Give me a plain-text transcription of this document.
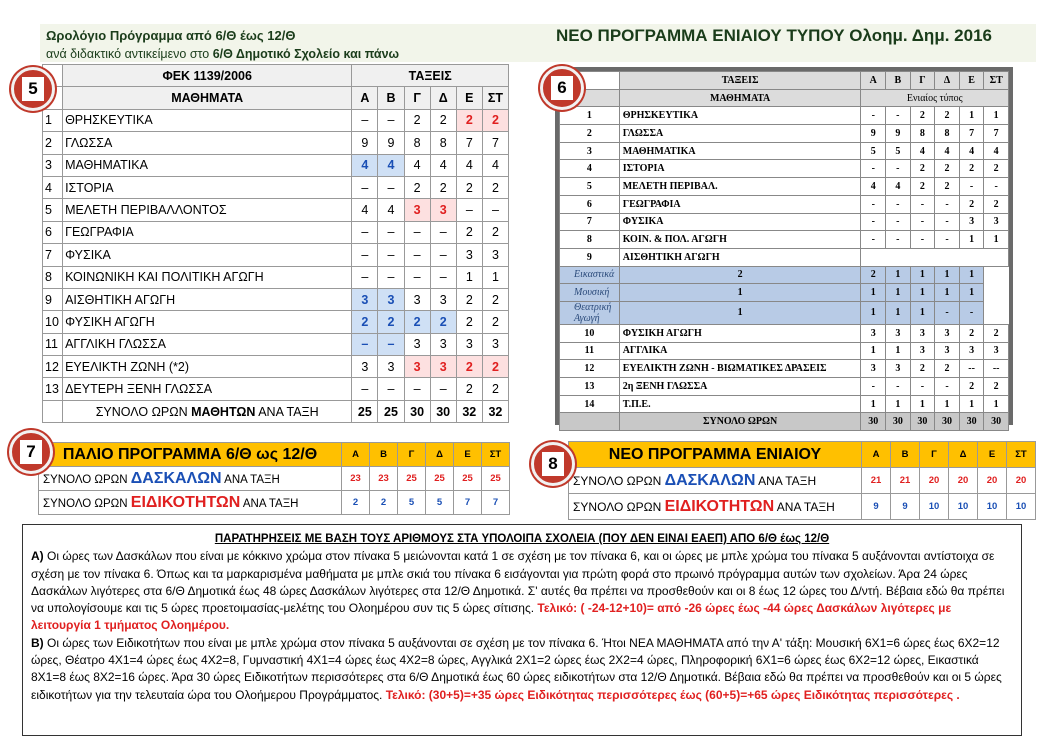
Ωρολόγιο Πρόγραμμα από 6/Θ έως 12/Θ
ανά διδακτικό αντικείμενο στο 6/Θ Δημοτικό Σχολείο και πάνω
ΝΕΟ ΠΡΟΓΡΑΜΜΑ ΕΝΙΑΙΟΥ ΤΥΠΟΥ Ολοημ. Δημ. 2016
	ΦΕΚ 1139/2006	ΤΑΞΕΙΣ					
	ΜΑΘΗΜΑΤΑ	Α	Β	Γ	Δ	Ε	ΣΤ
1	ΘΡΗΣΚΕΥΤΙΚΑ	–	–	2	2	2	2
2	ΓΛΩΣΣΑ	9	9	8	8	7	7
3	ΜΑΘΗΜΑΤΙΚΑ	4	4	4	4	4	4
4	ΙΣΤΟΡΙΑ	–	–	2	2	2	2
5	ΜΕΛΕΤΗ ΠΕΡΙΒΑΛΛΟΝΤΟΣ	4	4	3	3	–	–
6	ΓΕΩΓΡΑΦΙΑ	–	–	–	–	2	2
7	ΦΥΣΙΚΑ	–	–	–	–	3	3
8	ΚΟΙΝΩΝΙΚΗ ΚΑΙ ΠΟΛΙΤΙΚΗ ΑΓΩΓΗ	–	–	–	–	1	1
9	ΑΙΣΘΗΤΙΚΗ ΑΓΩΓΗ	3	3	3	3	2	2
10	ΦΥΣΙΚΗ ΑΓΩΓΗ	2	2	2	2	2	2
11	ΑΓΓΛΙΚΗ ΓΛΩΣΣΑ	–	–	3	3	3	3
12	ΕΥΕΛΙΚΤΗ ΖΩΝΗ (*2)	3	3	3	3	2	2
13	ΔΕΥΤΕΡΗ ΞΕΝΗ ΓΛΩΣΣΑ	–	–	–	–	2	2
	ΣΥΝΟΛΟ ΩΡΩΝ ΜΑΘΗΤΩΝ ΑΝΑ ΤΑΞΗ	25	25	30	30	32	32
5
		ΤΑΞΕΙΣ	Α	Β	Γ	Δ	Ε	ΣΤ
	ΜΑΘΗΜΑΤΑ	Ενιαίος τύπος					
1	ΘΡΗΣΚΕΥΤΙΚΑ	-	-	2	2	1	1
2	ΓΛΩΣΣΑ	9	9	8	8	7	7
3	ΜΑΘΗΜΑΤΙΚΑ	5	5	4	4	4	4
4	ΙΣΤΟΡΙΑ	-	-	2	2	2	2
5	ΜΕΛΕΤΗ ΠΕΡΙΒΑΛ.	4	4	2	2	-	-
6	ΓΕΩΓΡΑΦΙΑ	-	-	-	-	2	2
7	ΦΥΣΙΚΑ	-	-	-	-	3	3
8	ΚΟΙΝ. & ΠΟΛ. ΑΓΩΓΗ	-	-	-	-	1	1
9	ΑΙΣΘΗΤΙΚΗ ΑΓΩΓΗ						
Εικαστικά	2	2	1	1	1	1	
Μουσική	1	1	1	1	1	1	
Θεατρική Αγωγή	1	1	1	1	-	-	
10	ΦΥΣΙΚΗ ΑΓΩΓΗ	3	3	3	3	2	2
11	ΑΓΓΛΙΚΑ	1	1	3	3	3	3
12	ΕΥΕΛΙΚΤΗ ΖΩΝΗ - ΒΙΩΜΑΤΙΚΕΣ ΔΡΑΣΕΙΣ	3	3	2	2	--	--
13	2η ΞΕΝΗ ΓΛΩΣΣΑ	-	-	-	-	2	2
14	Τ.Π.Ε.	1	1	1	1	1	1
	ΣΥΝΟΛΟ ΩΡΩΝ	30	30	30	30	30	30
6
ΠΑΛΙΟ ΠΡΟΓΡΑΜΜΑ 6/Θ ως 12/Θ	Α	Β	Γ	Δ	Ε	ΣΤ
ΣΥΝΟΛΟ ΩΡΩΝ ΔΑΣΚΑΛΩΝ ΑΝΑ ΤΑΞΗ	23	23	25	25	25	25
ΣΥΝΟΛΟ ΩΡΩΝ ΕΙΔΙΚΟΤΗΤΩΝ ΑΝΑ ΤΑΞΗ	2	2	5	5	7	7
7	ΝΕΟ ΠΡΟΓΡΑΜΜΑ ΕΝΙΑΙΟΥ	Α	Β	Γ	Δ	Ε	ΣΤ
ΣΥΝΟΛΟ ΩΡΩΝ ΔΑΣΚΑΛΩΝ ΑΝΑ ΤΑΞΗ	21	21	20	20	20	20
ΣΥΝΟΛΟ ΩΡΩΝ ΕΙΔΙΚΟΤΗΤΩΝ ΑΝΑ ΤΑΞΗ	9	9	10	10	10	10
8
ΠΑΡΑΤΗΡΗΣΕΙΣ ΜΕ ΒΑΣΗ ΤΟΥΣ ΑΡΙΘΜΟΥΣ ΣΤΑ ΥΠΟΛΟΙΠΑ ΣΧΟΛΕΙΑ (ΠΟΥ ΔΕΝ ΕΙΝΑΙ ΕΑΕΠ) ΑΠΟ 6/Θ έως 12/Θ
Α) Οι ώρες των Δασκάλων που είναι με κόκκινο χρώμα στον πίνακα 5 μειώνονται κατά 1 σε σχέση με τον πίνακα 6, και οι ώρες με μπλε χρώμα του πίνακα 5 αυξάνονται αντίστοιχα σε σχέση με τον πίνακα 6. Όπως και τα μαρκαρισμένα μαθήματα με μπλε σκιά του πίνακα 6 εισάγονται για πρώτη φορά στο πρωινό πρόγραμμα αυτών των σχολείων. Άρα 24 ώρες Δασκάλων λιγότερες στα 6/Θ Δημοτικά έως 48 ώρες Δασκάλων λιγότερες στα 12/Θ Δημοτικά. Σ' αυτές θα πρέπει να προσθεθούν και οι 8 έως 12 ώρες του Δ/ντή. Βέβαια εδώ θα πρέπει να υπολογίσουμε και τις 5 ώρες προετοιμασίας-μελέτης του Ολοημέρου συν τις 5 ώρες σίτισης. Τελικό: ( -24-12+10)= από -26 ώρες έως -44 ώρες Δασκάλων λιγότερες με λειτουργία 1 τμήματος Ολοημέρου.
Β) Οι ώρες των Ειδικοτήτων που είναι με μπλε χρώμα στον πίνακα 5 αυξάνονται σε σχέση με τον πίνακα 6. Ήτοι ΝΕΑ ΜΑΘΗΜΑΤΑ από την Α' τάξη: Μουσική 6Χ1=6 ώρες έως 6Χ2=12 ώρες, Θέατρο 4Χ1=4 ώρες έως 4Χ2=8, Γυμναστική 4Χ1=4 ώρες έως 4Χ2=8 ώρες, Αγγλικά 2Χ1=2 ώρες έως 2Χ2=4 ώρες, Πληροφορική 6Χ1=6 ώρες έως 6Χ2=12 ώρες, Εικαστικά 8Χ1=8 έως 8Χ2=16 ώρες. Άρα 30 ώρες Ειδικοτήτων περισσότερες στα 6/Θ Δημοτικά έως 60 ώρες ειδικοτήτων στα 12/Θ Δημοτικά. Βέβαια εδώ θα πρέπει να προσθεθούν και οι 5 ώρες ειδικοτήτων για την τελευταία ώρα του Ολοήμερου Προγράμματος. Τελικό: (30+5)=+35 ώρες Ειδικότητας περισσότερες έως (60+5)=+65 ώρες Ειδικότητας περισσότερες .
